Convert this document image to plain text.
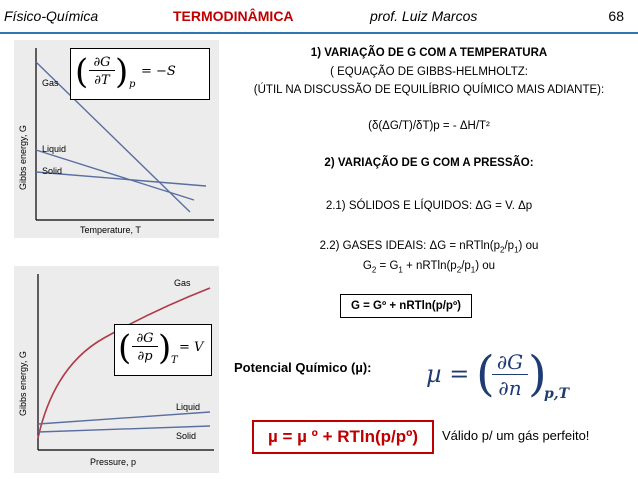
Físico-Química	TERMODINÂMICA	prof. Luiz Marcos	68
Gas
Liquid
Solid
Gibbs energy, G
Temperature, T
( ∂G
∂T ) p
= −S
Gas
Liquid
Solid
Gibbs energy, G
Pressure, p
( ∂G
∂p ) T
= V
1) VARIAÇÃO DE G COM A TEMPERATURA
( EQUAÇÃO DE GIBBS-HELMHOLTZ:
(ÚTIL NA DISCUSSÃO DE EQUILÍBRIO QUÍMICO MAIS ADIANTE):
(δ(ΔG/T)/δT)p = - ΔH/T²
2) VARIAÇÃO DE G COM A PRESSÃO:
2.1) SÓLIDOS E LÍQUIDOS: ΔG = V. Δp
2.2) GASES IDEAIS: $\Delta G = nRTln(p_2/p_1)$ ou
$G_2 = G_1 + nRTln(p_2/p_1)$ ou
G = Gº + nRTln(p/pº)
Potencial Químico (µ): µ = ( ∂G
∂n )
p,T
µ = µ º + RTln(p/pº)	Válido p/ um gás perfeito!
